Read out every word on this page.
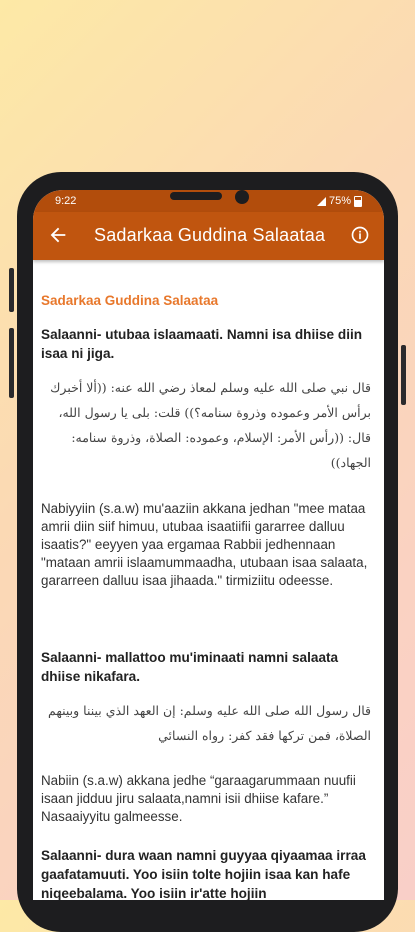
9:22	75%
Sadarkaa Guddina Salaataa
Sadarkaa Guddina Salaataa
Salaanni- utubaa islaamaati. Namni isa dhiise diin isaa ni jiga.
قال نبي صلى الله عليه وسلم لمعاذ رضي الله عنه: ((ألا أخبرك برأس الأمر وعموده وذروة سنامه؟)) قلت: بلى يا رسول الله، قال: ((رأس الأمر: الإسلام، وعموده: الصلاة، وذروة سنامه: الجهاد))
Nabiyyiin (s.a.w) mu'aaziin akkana jedhan "mee mataa amrii diin siif himuu, utubaa isaatiifii gararree dalluu isaatis?" eeyyen yaa ergamaa Rabbii jedhennaan "mataan amrii islaamummaadha, utubaan isaa salaata, gararreen dalluu isaa jihaada." tirmiziitu odeesse.
Salaanni- mallattoo mu'iminaati namni salaata dhiise nikafara.
قال رسول الله صلى الله عليه وسلم: إن العهد الذي بيننا وبينهم الصلاة، فمن تركها فقد كفر: رواه النسائي
Nabiin (s.a.w) akkana jedhe “garaagarummaan nuufii isaan jidduu jiru salaata,namni isii dhiise kafare.” Nasaaiyyitu galmeesse.
Salaanni- dura waan namni guyyaa qiyaamaa irraa gaafatamuuti. Yoo isiin tolte hojiin isaa kan hafe niqeebalama. Yoo isiin ir'atte hojiin
